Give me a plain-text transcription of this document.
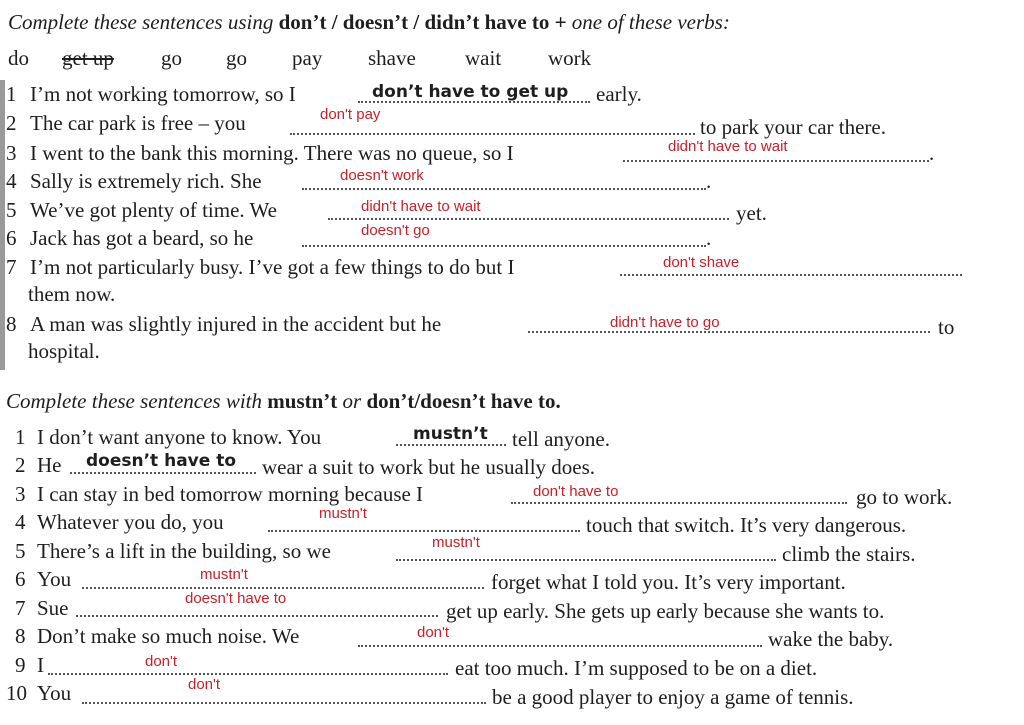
Complete these sentences using don’t / doesn’t / didn’t have to + one of these verbs:
do get up go go pay shave wait work
1 I’m not working tomorrow, so I	don’t have to get up early.
2 The car park is free – you	don't pay
to park your car there.
3 I went to the bank this morning. There was no queue, so I	didn't have to wait	.
4 Sally is extremely rich. She	doesn't work	.
5 We’ve got plenty of time. We	didn't have to wait	yet.
6 Jack has got a beard, so he	doesn't go	.
7 I’m not particularly busy. I’ve got a few things to do but I	don't shave
them now.
8 A man was slightly injured in the accident but he	didn't have to go	to
hospital.
Complete these sentences with mustn’t or don’t/doesn’t have to.
1 I don’t want anyone to know. You	mustn’t tell anyone.
2 He doesn’t have to wear a suit to work but he usually does.
3 I can stay in bed tomorrow morning because I	don't have to	go to work.
4 Whatever you do, you	mustn't	touch that switch. It’s very dangerous.
5 There’s a lift in the building, so we	mustn't	climb the stairs.
6 You	mustn't	forget what I told you. It’s very important.
7 Sue	doesn't have to
get up early. She gets up early because she wants to.
8 Don’t make so much noise. We	don't	wake the baby.
9 I	don't	eat too much. I’m supposed to be on a diet.
10 You	don't
be a good player to enjoy a game of tennis.
